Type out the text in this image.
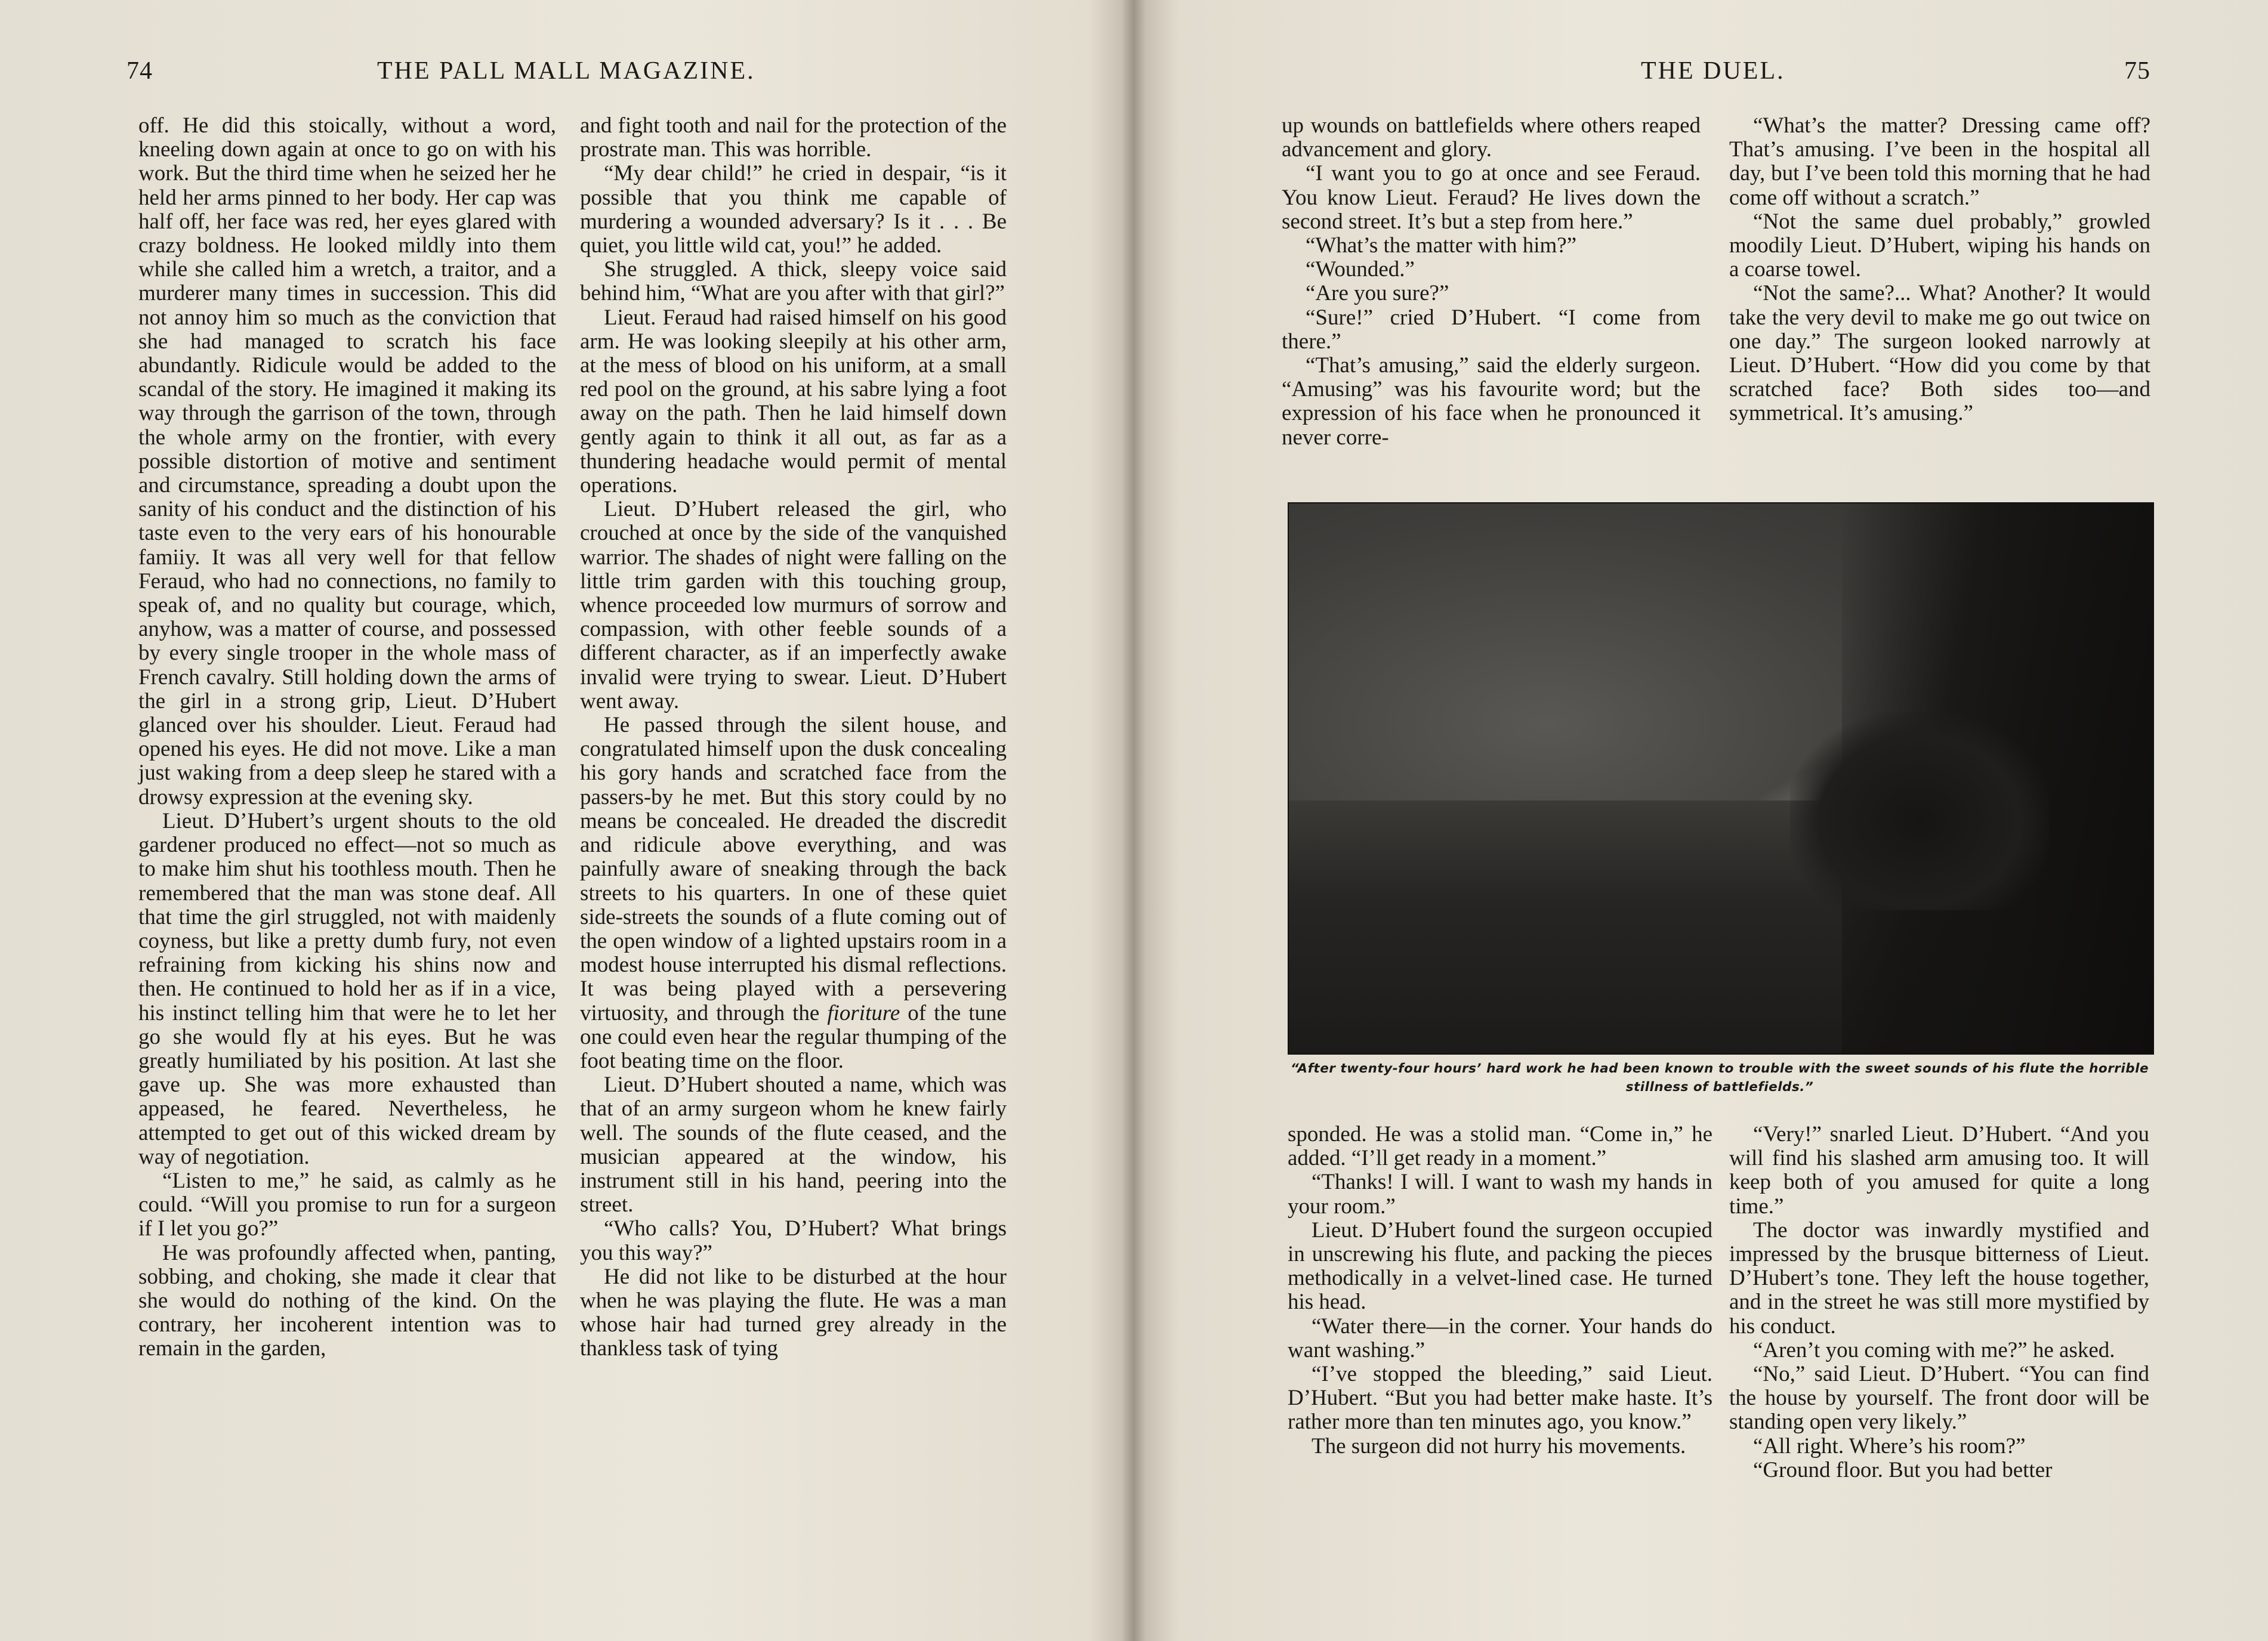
74	THE PALL MALL MAGAZINE.

off. He did this stoically, without a word, kneeling down again at once to go on with his work. But the third time when he seized her he held her arms pinned to her body. Her cap was half off, her face was red, her eyes glared with crazy boldness. He looked mildly into them while she called him a wretch, a traitor, and a murderer many times in succession. This did not annoy him so much as the conviction that she had managed to scratch his face abundantly. Ridicule would be added to the scandal of the story. He imagined it making its way through the garrison of the town, through the whole army on the frontier, with every possible distortion of motive and sentiment and circumstance, spreading a doubt upon the sanity of his conduct and the distinction of his taste even to the very ears of his honourable famiiy. It was all very well for that fellow Feraud, who had no connections, no family to speak of, and no quality but courage, which, anyhow, was a matter of course, and possessed by every single trooper in the whole mass of French cavalry. Still holding down the arms of the girl in a strong grip, Lieut. D’Hubert glanced over his shoulder. Lieut. Feraud had opened his eyes. He did not move. Like a man just waking from a deep sleep he stared with a drowsy expression at the evening sky.

Lieut. D’Hubert’s urgent shouts to the old gardener produced no effect—not so much as to make him shut his toothless mouth. Then he remembered that the man was stone deaf. All that time the girl struggled, not with maidenly coyness, but like a pretty dumb fury, not even refraining from kicking his shins now and then. He continued to hold her as if in a vice, his instinct telling him that were he to let her go she would fly at his eyes. But he was greatly humiliated by his position. At last she gave up. She was more exhausted than appeased, he feared. Nevertheless, he attempted to get out of this wicked dream by way of negotiation.

“Listen to me,” he said, as calmly as he could. “Will you promise to run for a surgeon if I let you go?”

He was profoundly affected when, panting, sobbing, and choking, she made it clear that she would do nothing of the kind. On the contrary, her incoherent intention was to remain in the garden,

and fight tooth and nail for the protection of the prostrate man. This was horrible.

“My dear child!” he cried in despair, “is it possible that you think me capable of murdering a wounded adversary? Is it . . . Be quiet, you little wild cat, you!” he added.

She struggled. A thick, sleepy voice said behind him, “What are you after with that girl?”

Lieut. Feraud had raised himself on his good arm. He was looking sleepily at his other arm, at the mess of blood on his uniform, at a small red pool on the ground, at his sabre lying a foot away on the path. Then he laid himself down gently again to think it all out, as far as a thundering headache would permit of mental operations.

Lieut. D’Hubert released the girl, who crouched at once by the side of the vanquished warrior. The shades of night were falling on the little trim garden with this touching group, whence proceeded low murmurs of sorrow and compassion, with other feeble sounds of a different character, as if an imperfectly awake invalid were trying to swear. Lieut. D’Hubert went away.

He passed through the silent house, and congratulated himself upon the dusk concealing his gory hands and scratched face from the passers-by he met. But this story could by no means be concealed. He dreaded the discredit and ridicule above everything, and was painfully aware of sneaking through the back streets to his quarters. In one of these quiet side-streets the sounds of a flute coming out of the open window of a lighted upstairs room in a modest house interrupted his dismal reflections. It was being played with a persevering virtuosity, and through the fioriture of the tune one could even hear the regular thumping of the foot beating time on the floor.

Lieut. D’Hubert shouted a name, which was that of an army surgeon whom he knew fairly well. The sounds of the flute ceased, and the musician appeared at the window, his instrument still in his hand, peering into the street.

“Who calls? You, D’Hubert? What brings you this way?”

He did not like to be disturbed at the hour when he was playing the flute. He was a man whose hair had turned grey already in the thankless task of tying

THE DUEL.	75

up wounds on battlefields where others reaped advancement and glory.

“I want you to go at once and see Feraud. You know Lieut. Feraud? He lives down the second street. It’s but a step from here.”

“What’s the matter with him?”

“Wounded.”

“Are you sure?”

“Sure!” cried D’Hubert. “I come from there.”

“That’s amusing,” said the elderly surgeon. “Amusing” was his favourite word; but the expression of his face when he pronounced it never corre-

“What’s the matter? Dressing came off? That’s amusing. I’ve been in the hospital all day, but I’ve been told this morning that he had come off without a scratch.”

“Not the same duel probably,” growled moodily Lieut. D’Hubert, wiping his hands on a coarse towel.

“Not the same?... What? Another? It would take the very devil to make me go out twice on one day.” The surgeon looked narrowly at Lieut. D’Hubert. “How did you come by that scratched face? Both sides too—and symmetrical. It’s amusing.”

“After twenty-four hours’ hard work he had been known to trouble with the sweet sounds of his flute the horrible stillness of battlefields.”

sponded. He was a stolid man. “Come in,” he added. “I’ll get ready in a moment.”

“Thanks! I will. I want to wash my hands in your room.”

Lieut. D’Hubert found the surgeon occupied in unscrewing his flute, and packing the pieces methodically in a velvet-lined case. He turned his head.

“Water there—in the corner. Your hands do want washing.”

“I’ve stopped the bleeding,” said Lieut. D’Hubert. “But you had better make haste. It’s rather more than ten minutes ago, you know.”

The surgeon did not hurry his movements.

“Very!” snarled Lieut. D’Hubert. “And you will find his slashed arm amusing too. It will keep both of you amused for quite a long time.”

The doctor was inwardly mystified and impressed by the brusque bitterness of Lieut. D’Hubert’s tone. They left the house together, and in the street he was still more mystified by his conduct.

“Aren’t you coming with me?” he asked.

“No,” said Lieut. D’Hubert. “You can find the house by yourself. The front door will be standing open very likely.”

“All right. Where’s his room?”

“Ground floor. But you had better
